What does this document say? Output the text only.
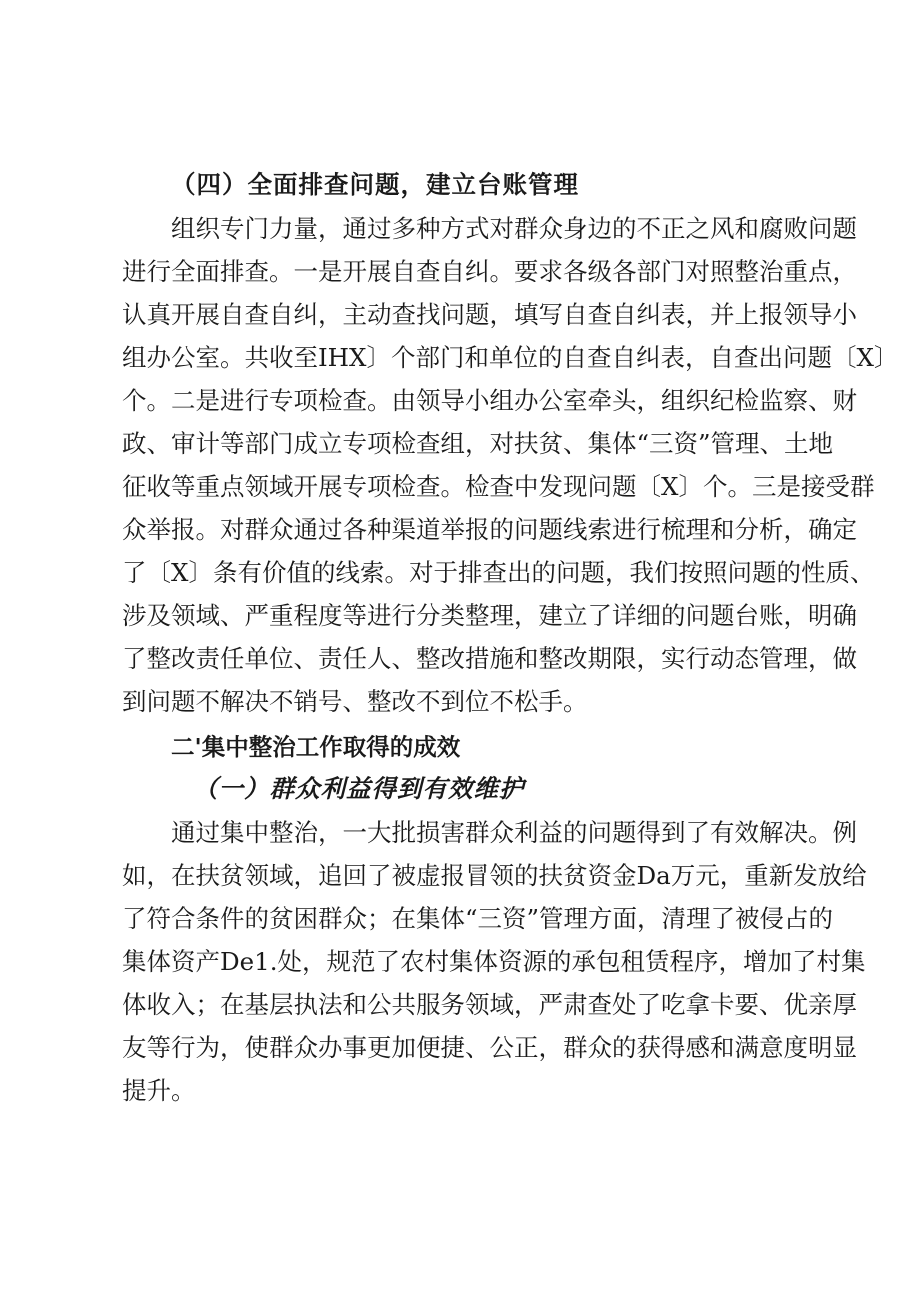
（四）全面排查问题，建立台账管理
组织专门力量，通过多种方式对群众身边的不正之风和腐败问题
进行全面排查。一是开展自查自纠。要求各级各部门对照整治重点，
认真开展自查自纠，主动查找问题，填写自查自纠表，并上报领导小
组办公室。共收至IHX〕个部门和单位的自查自纠表，自查出问题〔X〕
个。二是进行专项检查。由领导小组办公室牵头，组织纪检监察、财
政、审计等部门成立专项检查组，对扶贫、集体“三资”管理、土地
征收等重点领域开展专项检查。检查中发现问题〔X〕个。三是接受群
众举报。对群众通过各种渠道举报的问题线索进行梳理和分析，确定
了〔X〕条有价值的线索。对于排查出的问题，我们按照问题的性质、
涉及领域、严重程度等进行分类整理，建立了详细的问题台账，明确
了整改责任单位、责任人、整改措施和整改期限，实行动态管理，做
到问题不解决不销号、整改不到位不松手。
二'集中整治工作取得的成效
（一）群众利益得到有效维护
通过集中整治，一大批损害群众利益的问题得到了有效解决。例
如，在扶贫领域，追回了被虚报冒领的扶贫资金Da万元，重新发放给
了符合条件的贫困群众；在集体“三资”管理方面，清理了被侵占的
集体资产De1.处，规范了农村集体资源的承包租赁程序，增加了村集
体收入；在基层执法和公共服务领域，严肃查处了吃拿卡要、优亲厚
友等行为，使群众办事更加便捷、公正，群众的获得感和满意度明显
提升。
